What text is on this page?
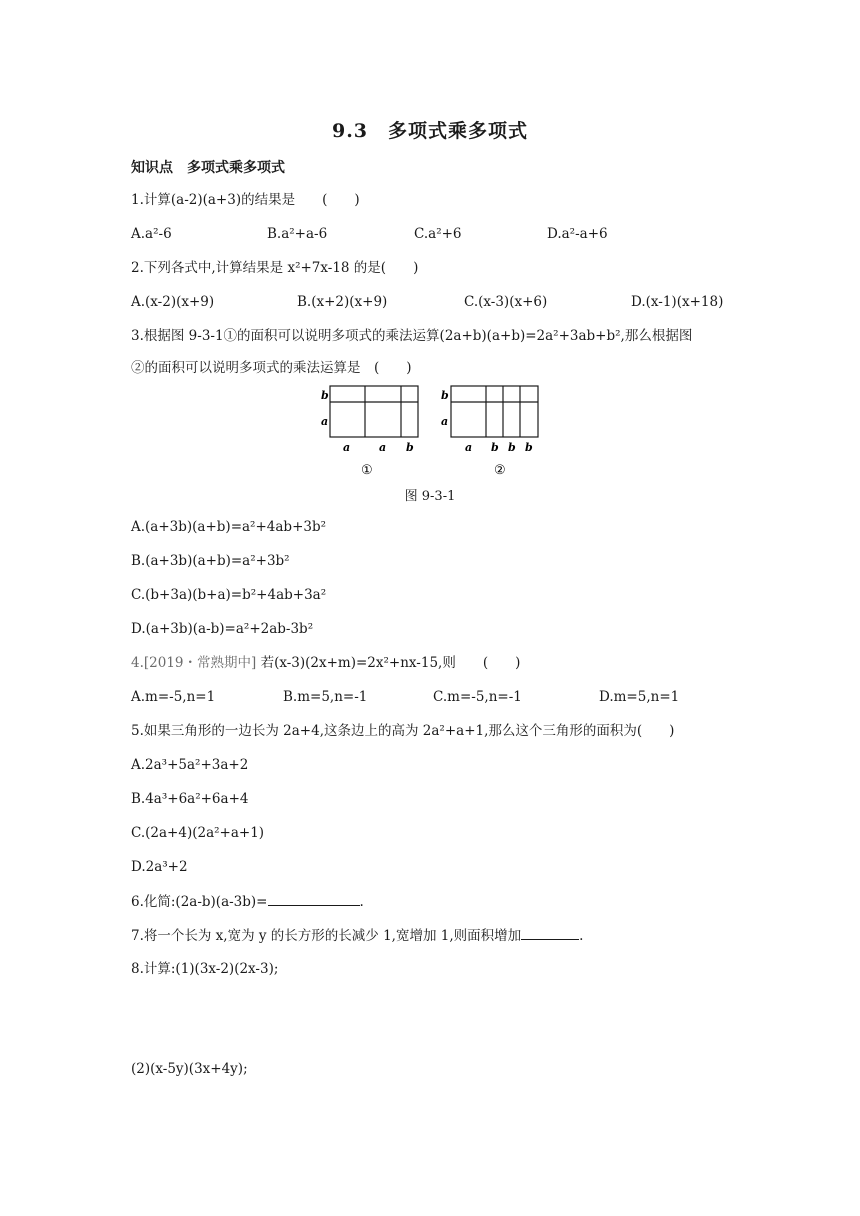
9.3　多项式乘多项式
知识点　多项式乘多项式
1.计算(a-2)(a+3)的结果是　　(　　)
A.a²-6	B.a²+a-6	C.a²+6	D.a²-a+6
2.下列各式中,计算结果是 x²+7x-18 的是(　　)
A.(x-2)(x+9)	B.(x+2)(x+9)	C.(x-3)(x+6)	D.(x-1)(x+18)
3.根据图 9-3-1①的面积可以说明多项式的乘法运算(2a+b)(a+b)=2a²+3ab+b²,那么根据图
②的面积可以说明多项式的乘法运算是　(　　)
b
a
a	a b
①
b
a
a b b b
②
图 9-3-1
A.(a+3b)(a+b)=a²+4ab+3b²
B.(a+3b)(a+b)=a²+3b²
C.(b+3a)(b+a)=b²+4ab+3a²
D.(a+3b)(a-b)=a²+2ab-3b²
4.[2019・常熟期中] 若(x-3)(2x+m)=2x²+nx-15,则　　(　　)
A.m=-5,n=1	B.m=5,n=-1	C.m=-5,n=-1	D.m=5,n=1
5.如果三角形的一边长为 2a+4,这条边上的高为 2a²+a+1,那么这个三角形的面积为(　　)
A.2a³+5a²+3a+2
B.4a³+6a²+6a+4
C.(2a+4)(2a²+a+1)
D.2a³+2
6.化简:(2a-b)(a-3b)=	.
7.将一个长为 x,宽为 y 的长方形的长减少 1,宽增加 1,则面积增加	.
8.计算:(1)(3x-2)(2x-3);
(2)(x-5y)(3x+4y);
